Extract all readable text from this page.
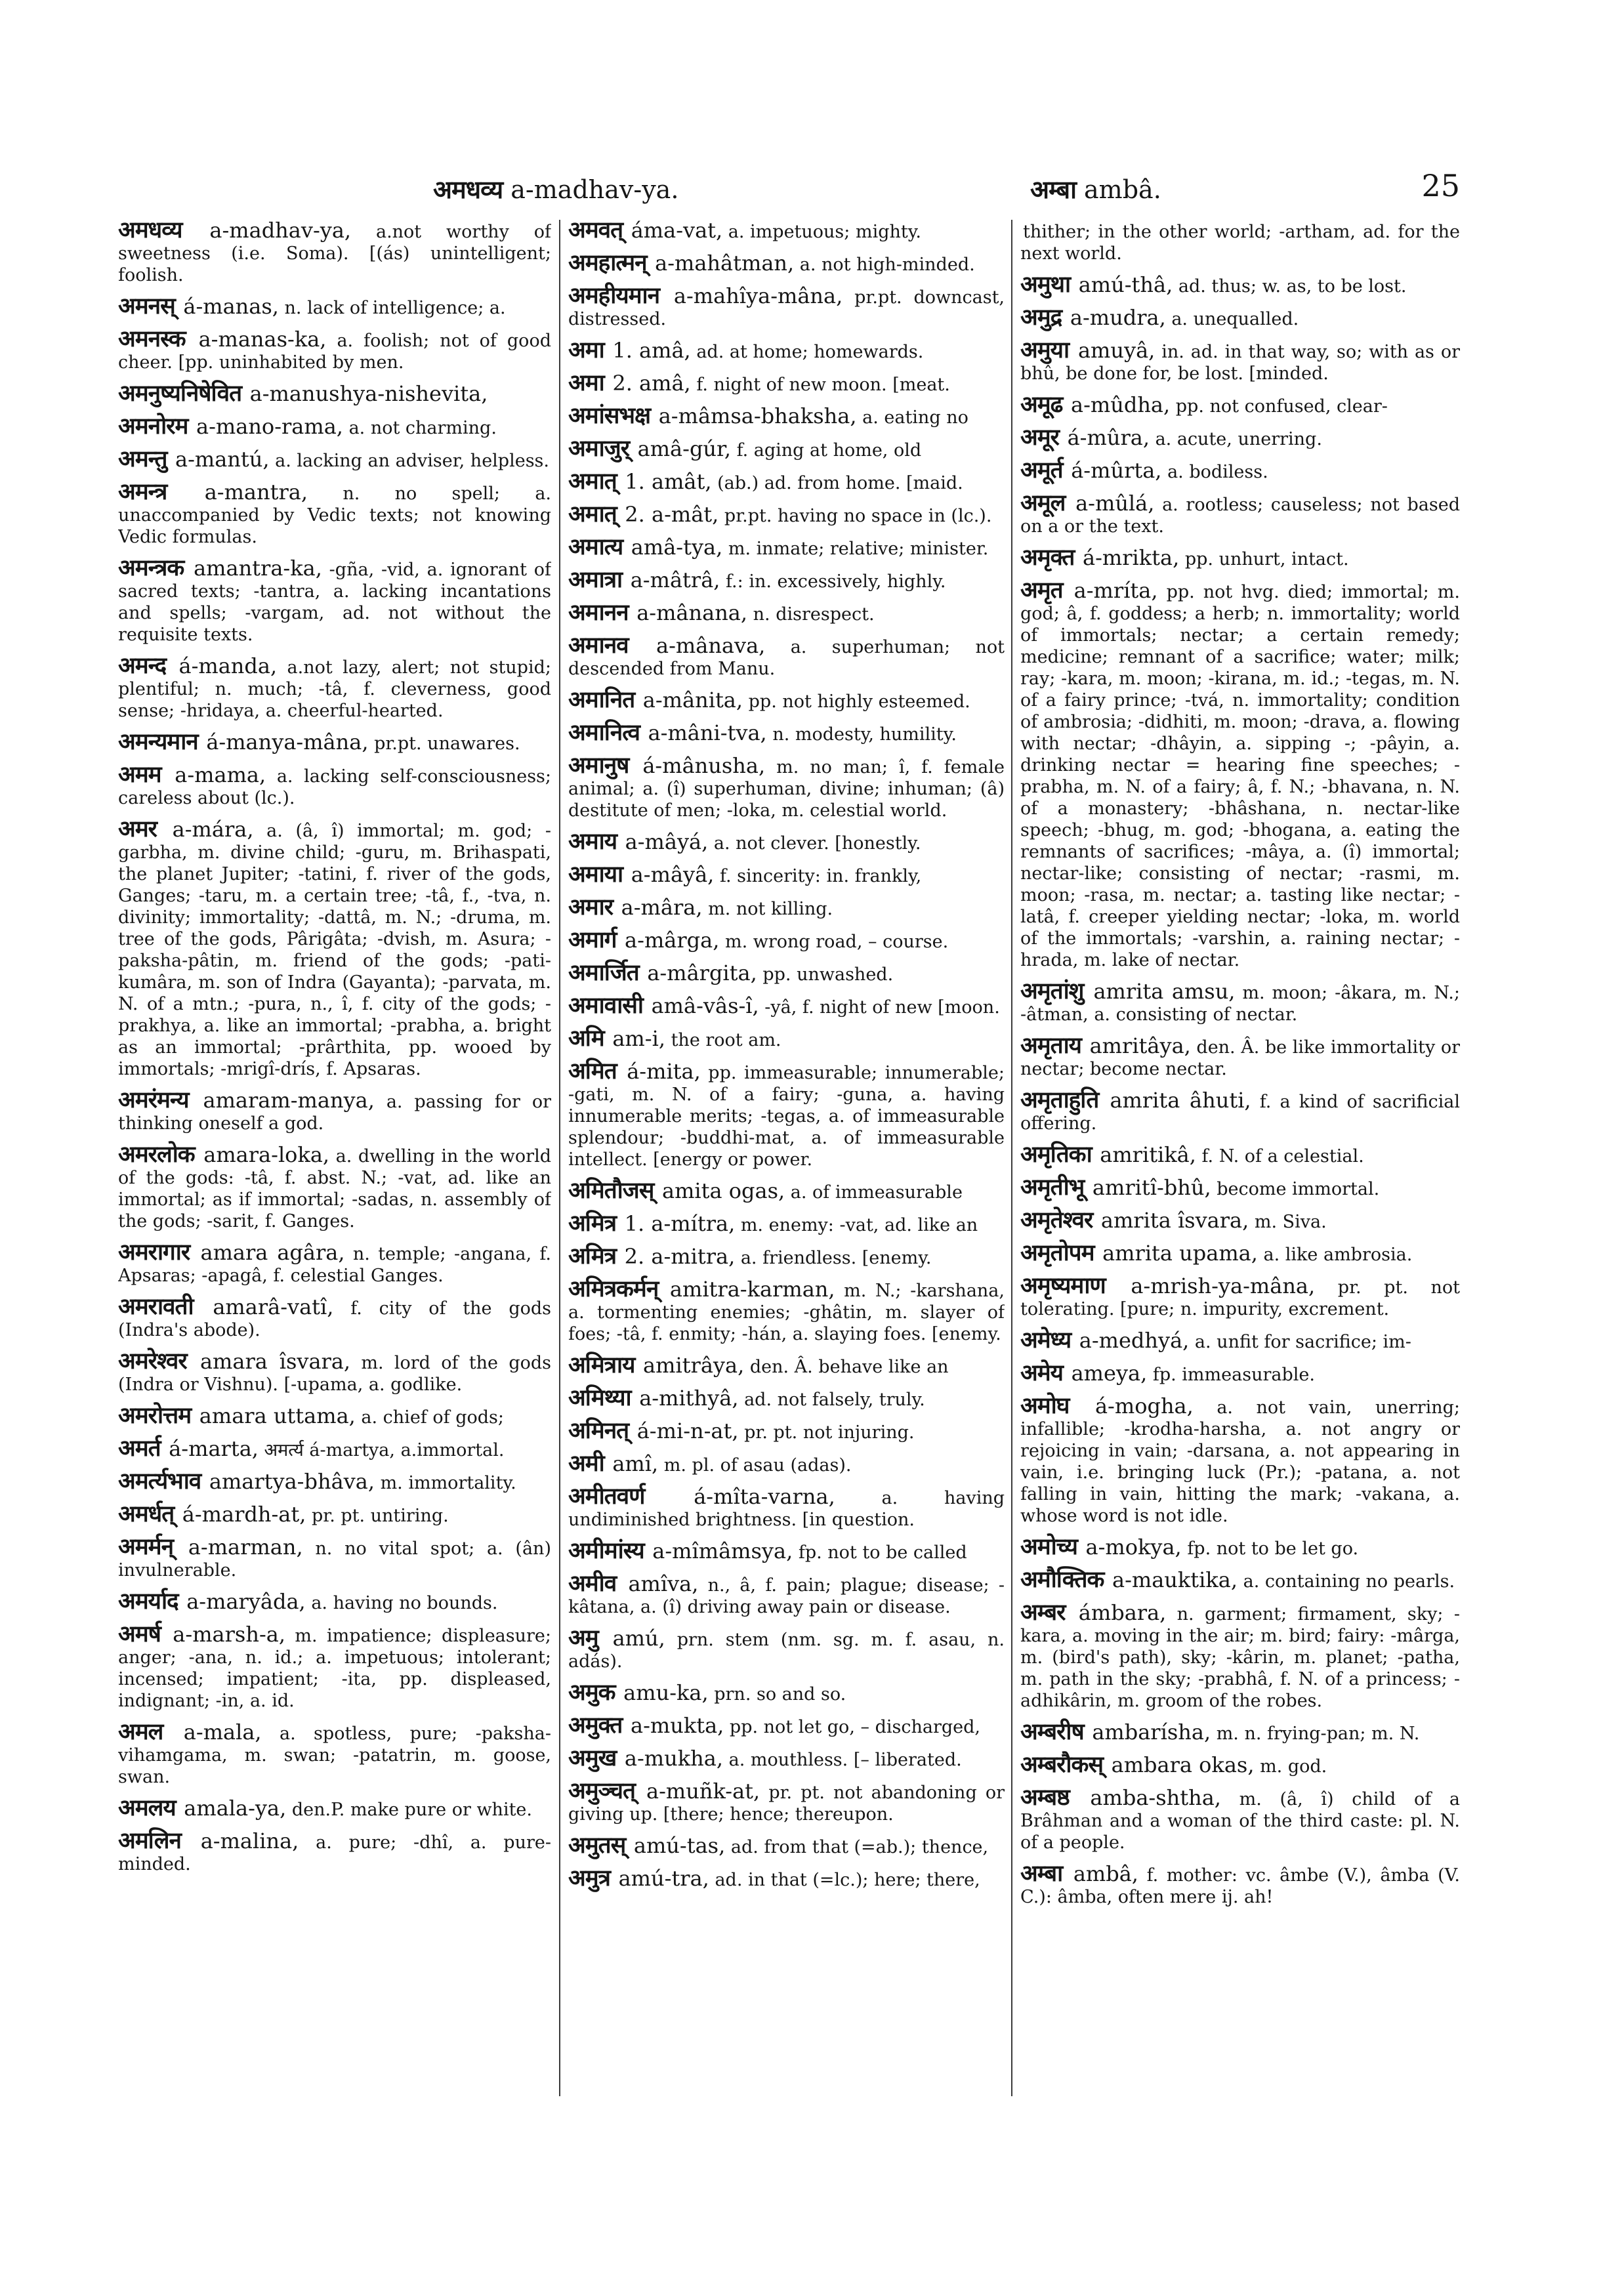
अमधव्य a-madhav-ya.	अम्बा ambâ.	25

अमधव्य a-madhav-ya, a.not worthy of sweetness (i.e. Soma). [(ás) unintelligent; foolish.

अमनस् á-manas, n. lack of intelligence; a.

अमनस्क a-manas-ka, a. foolish; not of good cheer. [pp. uninhabited by men.

अमनुष्यनिषेवित a-manushya-nishevita,

अमनोरम a-mano-rama, a. not charming.

अमन्तु a-mantú, a. lacking an adviser, helpless.

अमन्त्र a-mantra, n. no spell; a. unaccompanied by Vedic texts; not knowing Vedic formulas.

अमन्त्रक amantra-ka, -gña, -vid, a. ignorant of sacred texts; -tantra, a. lacking incantations and spells; -vargam, ad. not without the requisite texts.

अमन्द á-manda, a.not lazy, alert; not stupid; plentiful; n. much; -tâ, f. cleverness, good sense; -hridaya, a. cheerful-hearted.

अमन्यमान á-manya-mâna, pr.pt. unawares.

अमम a-mama, a. lacking self-consciousness; careless about (lc.).

अमर a-mára, a. (â, î) immortal; m. god; -garbha, m. divine child; -guru, m. Brihaspati, the planet Jupiter; -tatini, f. river of the gods, Ganges; -taru, m. a certain tree; -tâ, f., -tva, n. divinity; immortality; -dattâ, m. N.; -druma, m. tree of the gods, Pârigâta; -dvish, m. Asura; -paksha-pâtin, m. friend of the gods; -pati-kumâra, m. son of Indra (Gayanta); -parvata, m. N. of a mtn.; -pura, n., î, f. city of the gods; -prakhya, a. like an immortal; -prabha, a. bright as an immortal; -prârthita, pp. wooed by immortals; -mrigî-drís, f. Apsaras.

अमरंमन्य amaram-manya, a. passing for or thinking oneself a god.

अमरलोक amara-loka, a. dwelling in the world of the gods: -tâ, f. abst. N.; -vat, ad. like an immortal; as if immortal; -sadas, n. assembly of the gods; -sarit, f. Ganges.

अमरागार amara agâra, n. temple; -angana, f. Apsaras; -apagâ, f. celestial Ganges.

अमरावती amarâ-vatî, f. city of the gods (Indra's abode).

अमरेश्वर amara îsvara, m. lord of the gods (Indra or Vishnu). [-upama, a. godlike.

अमरोत्तम amara uttama, a. chief of gods;

अमर्त á-marta, अमर्त्य á-martya, a.immortal.

अमर्त्यभाव amartya-bhâva, m. immortality.

अमर्धत् á-mardh-at, pr. pt. untiring.

अमर्मन् a-marman, n. no vital spot; a. (ân) invulnerable.

अमर्याद a-maryâda, a. having no bounds.

अमर्ष a-marsh-a, m. impatience; displeasure; anger; -ana, n. id.; a. impetuous; intolerant; incensed; impatient; -ita, pp. displeased, indignant; -in, a. id.

अमल a-mala, a. spotless, pure; -paksha-vihamgama, m. swan; -patatrin, m. goose, swan.

अमलय amala-ya, den.P. make pure or white.

अमलिन a-malina, a. pure; -dhî, a. pure-minded.

अमवत् áma-vat, a. impetuous; mighty.

अमहात्मन् a-mahâtman, a. not high-minded.

अमहीयमान a-mahîya-mâna, pr.pt. downcast, distressed.

अमा 1. amâ, ad. at home; homewards.

अमा 2. amâ, f. night of new moon. [meat.

अमांसभक्ष a-mâmsa-bhaksha, a. eating no

अमाजुर् amâ-gúr, f. aging at home, old

अमात् 1. amât, (ab.) ad. from home. [maid.

अमात् 2. a-mât, pr.pt. having no space in (lc.).

अमात्य amâ-tya, m. inmate; relative; minister.

अमात्रा a-mâtrâ, f.: in. excessively, highly.

अमानन a-mânana, n. disrespect.

अमानव a-mânava, a. superhuman; not descended from Manu.

अमानित a-mânita, pp. not highly esteemed.

अमानित्व a-mâni-tva, n. modesty, humility.

अमानुष á-mânusha, m. no man; î, f. female animal; a. (î) superhuman, divine; inhuman; (â) destitute of men; -loka, m. celestial world.

अमाय a-mâyá, a. not clever. [honestly.

अमाया a-mâyâ, f. sincerity: in. frankly,

अमार a-mâra, m. not killing.

अमार्ग a-mârga, m. wrong road, – course.

अमार्जित a-mârgita, pp. unwashed.

अमावासी amâ-vâs-î, -yâ, f. night of new [moon.

अमि am-i, the root am.

अमित á-mita, pp. immeasurable; innumerable; -gati, m. N. of a fairy; -guna, a. having innumerable merits; -tegas, a. of immeasurable splendour; -buddhi-mat, a. of immeasurable intellect. [energy or power.

अमितौजस् amita ogas, a. of immeasurable

अमित्र 1. a-mítra, m. enemy: -vat, ad. like an

अमित्र 2. a-mitra, a. friendless. [enemy.

अमित्रकर्मन् amitra-karman, m. N.; -karshana, a. tormenting enemies; -ghâtin, m. slayer of foes; -tâ, f. enmity; -hán, a. slaying foes. [enemy.

अमित्राय amitrâya, den. Â. behave like an

अमिथ्या a-mithyâ, ad. not falsely, truly.

अमिनत् á-mi-n-at, pr. pt. not injuring.

अमी amî, m. pl. of asau (adas).

अमीतवर्ण á-mîta-varna,	a. having undiminished brightness. [in question.

अमीमांस्य a-mîmâmsya, fp. not to be called

अमीव amîva, n., â, f. pain; plague; disease; -kâtana, a. (î) driving away pain or disease.

अमु amú, prn. stem (nm. sg. m. f. asau, n. adás).

अमुक amu-ka, prn. so and so.

अमुक्त a-mukta, pp. not let go, – discharged,

अमुख a-mukha, a. mouthless. [– liberated.

अमुञ्चत् a-muñk-at, pr. pt. not abandoning or giving up. [there; hence; thereupon.

अमुतस् amú-tas, ad. from that (=ab.); thence,

अमुत्र amú-tra, ad. in that (=lc.); here; there,

thither; in the other world; -artham, ad. for the next world.

अमुथा amú-thâ, ad. thus; w. as, to be lost.

अमुद्र a-mudra, a. unequalled.

अमुया amuyâ, in. ad. in that way, so; with as or bhû, be done for, be lost. [minded.

अमूढ a-mûdha, pp. not confused, clear-

अमूर á-mûra, a. acute, unerring.

अमूर्त á-mûrta, a. bodiless.

अमूल a-mûlá, a. rootless; causeless; not based on a or the text.

अमृक्त á-mrikta, pp. unhurt, intact.

अमृत a-mríta, pp. not hvg. died; immortal; m. god; â, f. goddess; a herb; n. immortality; world of immortals; nectar; a certain remedy; medicine; remnant of a sacrifice; water; milk; ray; -kara, m. moon; -kirana, m. id.; -tegas, m. N. of a fairy prince; -tvá, n. immortality; condition of ambrosia; -didhiti, m. moon; -drava, a. flowing with nectar; -dhâyin, a. sipping -; -pâyin, a. drinking nectar = hearing fine speeches; -prabha, m. N. of a fairy; â, f. N.; -bhavana, n. N. of a monastery; -bhâshana, n. nectar-like speech; -bhug, m. god; -bhogana, a. eating the remnants of sacrifices; -mâya, a. (î) immortal; nectar-like; consisting of nectar; -rasmi, m. moon; -rasa, m. nectar; a. tasting like nectar; -latâ, f. creeper yielding nectar; -loka, m. world of the immortals; -varshin, a. raining nectar; -hrada, m. lake of nectar.

अमृतांशु amrita amsu, m. moon; -âkara, m. N.; -âtman, a. consisting of nectar.

अमृताय amritâya, den. Â. be like immortality or nectar; become nectar.

अमृताहुति amrita âhuti, f. a kind of sacrificial offering.

अमृतिका amritikâ, f. N. of a celestial.

अमृतीभू amritî-bhû, become immortal.

अमृतेश्वर amrita îsvara, m. Siva.

अमृतोपम amrita upama, a. like ambrosia.

अमृष्यमाण a-mrish-ya-mâna, pr. pt. not tolerating. [pure; n. impurity, excrement.

अमेध्य a-medhyá, a. unfit for sacrifice; im-

अमेय ameya, fp. immeasurable.

अमोघ á-mogha, a. not vain, unerring; infallible; -krodha-harsha, a. not angry or rejoicing in vain; -darsana, a. not appearing in vain, i.e. bringing luck (Pr.); -patana, a. not falling in vain, hitting the mark; -vakana, a. whose word is not idle.

अमोच्य a-mokya, fp. not to be let go.

अमौक्तिक a-mauktika, a. containing no pearls.

अम्बर ámbara, n. garment; firmament, sky; -kara, a. moving in the air; m. bird; fairy: -mârga, m. (bird's path), sky; -kârin, m. planet; -patha, m. path in the sky; -prabhâ, f. N. of a princess; -adhikârin, m. groom of the robes.

अम्बरीष ambarísha, m. n. frying-pan; m. N.

अम्बरौकस् ambara okas, m. god.

अम्बष्ठ amba-shtha, m. (â, î) child of a Brâhman and a woman of the third caste: pl. N. of a people.

अम्बा ambâ, f. mother: vc. âmbe (V.), âmba (V. C.): âmba, often mere ij. ah!
